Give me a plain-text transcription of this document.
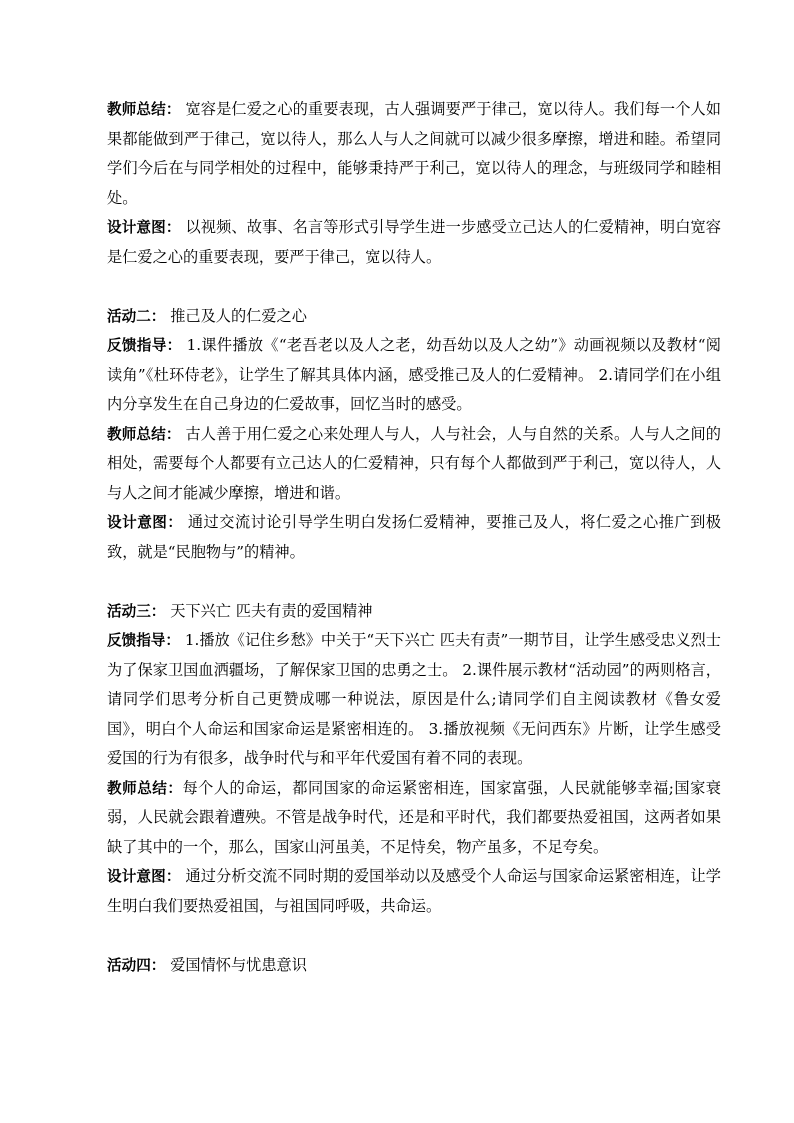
教师总结： 宽容是仁爱之心的重要表现，古人强调要严于律己，宽以待人。我们每一个人如果都能做到严于律己，宽以待人，那么人与人之间就可以减少很多摩擦，增进和睦。希望同学们今后在与同学相处的过程中，能够秉持严于利己，宽以待人的理念，与班级同学和睦相处。

设计意图： 以视频、故事、名言等形式引导学生进一步感受立己达人的仁爱精神，明白宽容是仁爱之心的重要表现，要严于律己，宽以待人。

活动二： 推己及人的仁爱之心

反馈指导： 1.课件播放《“老吾老以及人之老，幼吾幼以及人之幼”》动画视频以及教材“阅读角”《杜环侍老》，让学生了解其具体内涵，感受推己及人的仁爱精神。 2.请同学们在小组内分享发生在自己身边的仁爱故事，回忆当时的感受。

教师总结： 古人善于用仁爱之心来处理人与人，人与社会，人与自然的关系。人与人之间的相处，需要每个人都要有立己达人的仁爱精神，只有每个人都做到严于利己，宽以待人，人与人之间才能减少摩擦，增进和谐。

设计意图： 通过交流讨论引导学生明白发扬仁爱精神，要推己及人，将仁爱之心推广到极致，就是“民胞物与”的精神。

活动三： 天下兴亡 匹夫有责的爱国精神

反馈指导： 1.播放《记住乡愁》中关于“天下兴亡 匹夫有责”一期节目，让学生感受忠义烈士为了保家卫国血洒疆场，了解保家卫国的忠勇之士。 2.课件展示教材“活动园”的两则格言，请同学们思考分析自己更赞成哪一种说法，原因是什么;请同学们自主阅读教材《鲁女爱国》，明白个人命运和国家命运是紧密相连的。 3.播放视频《无问西东》片断，让学生感受爱国的行为有很多，战争时代与和平年代爱国有着不同的表现。

教师总结：每个人的命运，都同国家的命运紧密相连，国家富强，人民就能够幸福;国家衰弱，人民就会跟着遭殃。不管是战争时代，还是和平时代，我们都要热爱祖国，这两者如果缺了其中的一个，那么，国家山河虽美，不足恃矣，物产虽多，不足夸矣。

设计意图： 通过分析交流不同时期的爱国举动以及感受个人命运与国家命运紧密相连，让学生明白我们要热爱祖国，与祖国同呼吸，共命运。

活动四： 爱国情怀与忧患意识
